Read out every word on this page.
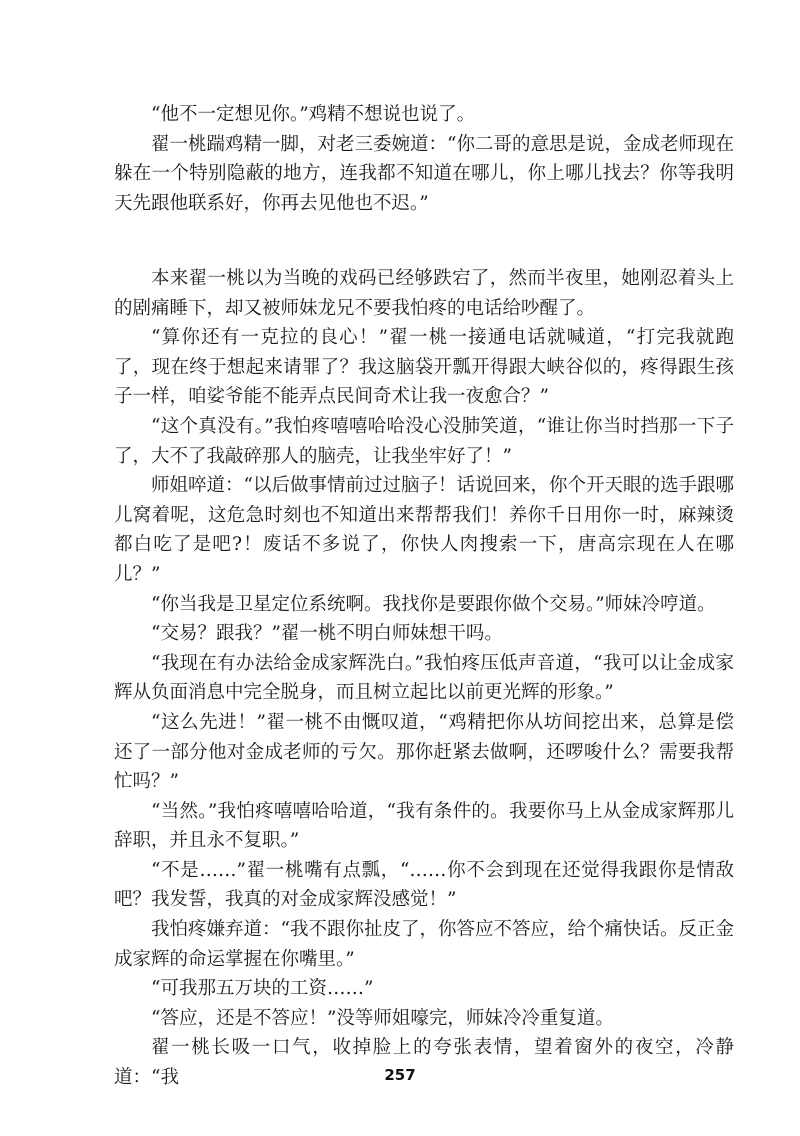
“他不一定想见你。”鸡精不想说也说了。

翟一桃踹鸡精一脚，对老三委婉道：“你二哥的意思是说，金成老师现在躲在一个特别隐蔽的地方，连我都不知道在哪儿，你上哪儿找去？你等我明天先跟他联系好，你再去见他也不迟。”

本来翟一桃以为当晚的戏码已经够跌宕了，然而半夜里，她刚忍着头上的剧痛睡下，却又被师妹龙兄不要我怕疼的电话给吵醒了。

“算你还有一克拉的良心！”翟一桃一接通电话就喊道，“打完我就跑了，现在终于想起来请罪了？我这脑袋开瓢开得跟大峡谷似的，疼得跟生孩子一样，咱娑爷能不能弄点民间奇术让我一夜愈合？”

“这个真没有。”我怕疼嘻嘻哈哈没心没肺笑道，“谁让你当时挡那一下子了，大不了我敲碎那人的脑壳，让我坐牢好了！”

师姐啐道：“以后做事情前过过脑子！话说回来，你个开天眼的选手跟哪儿窝着呢，这危急时刻也不知道出来帮帮我们！养你千日用你一时，麻辣烫都白吃了是吧?！废话不多说了，你快人肉搜索一下，唐高宗现在人在哪儿？”

“你当我是卫星定位系统啊。我找你是要跟你做个交易。”师妹冷哼道。

“交易？跟我？”翟一桃不明白师妹想干吗。

“我现在有办法给金成家辉洗白。”我怕疼压低声音道，“我可以让金成家辉从负面消息中完全脱身，而且树立起比以前更光辉的形象。”

“这么先进！”翟一桃不由慨叹道，“鸡精把你从坊间挖出来，总算是偿还了一部分他对金成老师的亏欠。那你赶紧去做啊，还啰唆什么？需要我帮忙吗？”

“当然。”我怕疼嘻嘻哈哈道，“我有条件的。我要你马上从金成家辉那儿辞职，并且永不复职。”

“不是……”翟一桃嘴有点瓢，“……你不会到现在还觉得我跟你是情敌吧？我发誓，我真的对金成家辉没感觉！”

我怕疼嫌弃道：“我不跟你扯皮了，你答应不答应，给个痛快话。反正金成家辉的命运掌握在你嘴里。”

“可我那五万块的工资……”

“答应，还是不答应！”没等师姐嚎完，师妹冷冷重复道。

翟一桃长吸一口气，收掉脸上的夸张表情，望着窗外的夜空，冷静道：“我	257
